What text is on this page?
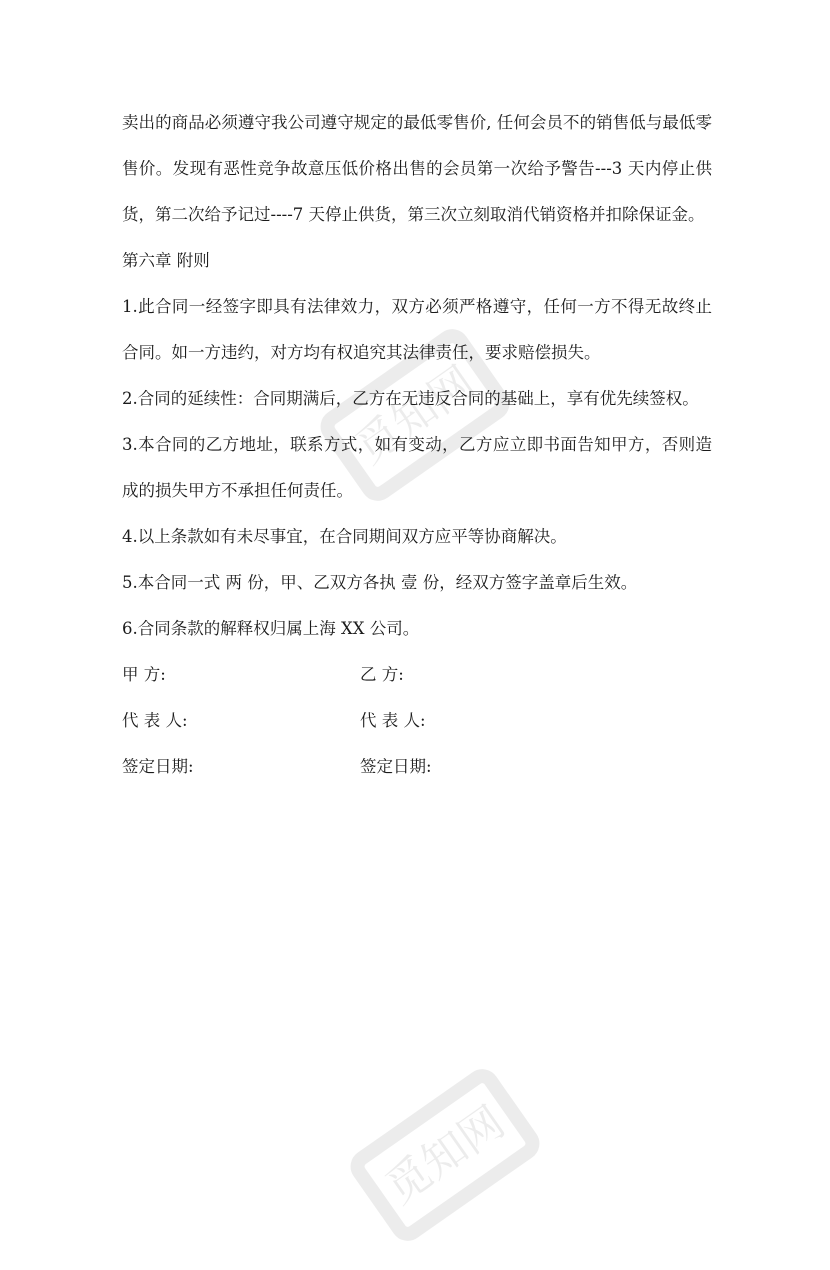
卖出的商品必须遵守我公司遵守规定的最低零售价, 任何会员不的销售低与最低零售价。发现有恶性竞争故意压低价格出售的会员第一次给予警告---3 天内停止供货，第二次给予记过----7 天停止供货，第三次立刻取消代销资格并扣除保证金。

第六章 附则

1.此合同一经签字即具有法律效力，双方必须严格遵守，任何一方不得无故终止合同。如一方违约，对方均有权追究其法律责任，要求赔偿损失。

2.合同的延续性：合同期满后，乙方在无违反合同的基础上，享有优先续签权。

3.本合同的乙方地址，联系方式，如有变动，乙方应立即书面告知甲方，否则造成的损失甲方不承担任何责任。

4.以上条款如有未尽事宜，在合同期间双方应平等协商解决。

5.本合同一式 两 份，甲、乙双方各执 壹 份，经双方签字盖章后生效。

6.合同条款的解释权归属上海 XX 公司。

甲 方:	乙 方:
代 表 人:	代 表 人:
签定日期:	签定日期:
觅知网
觅知网
